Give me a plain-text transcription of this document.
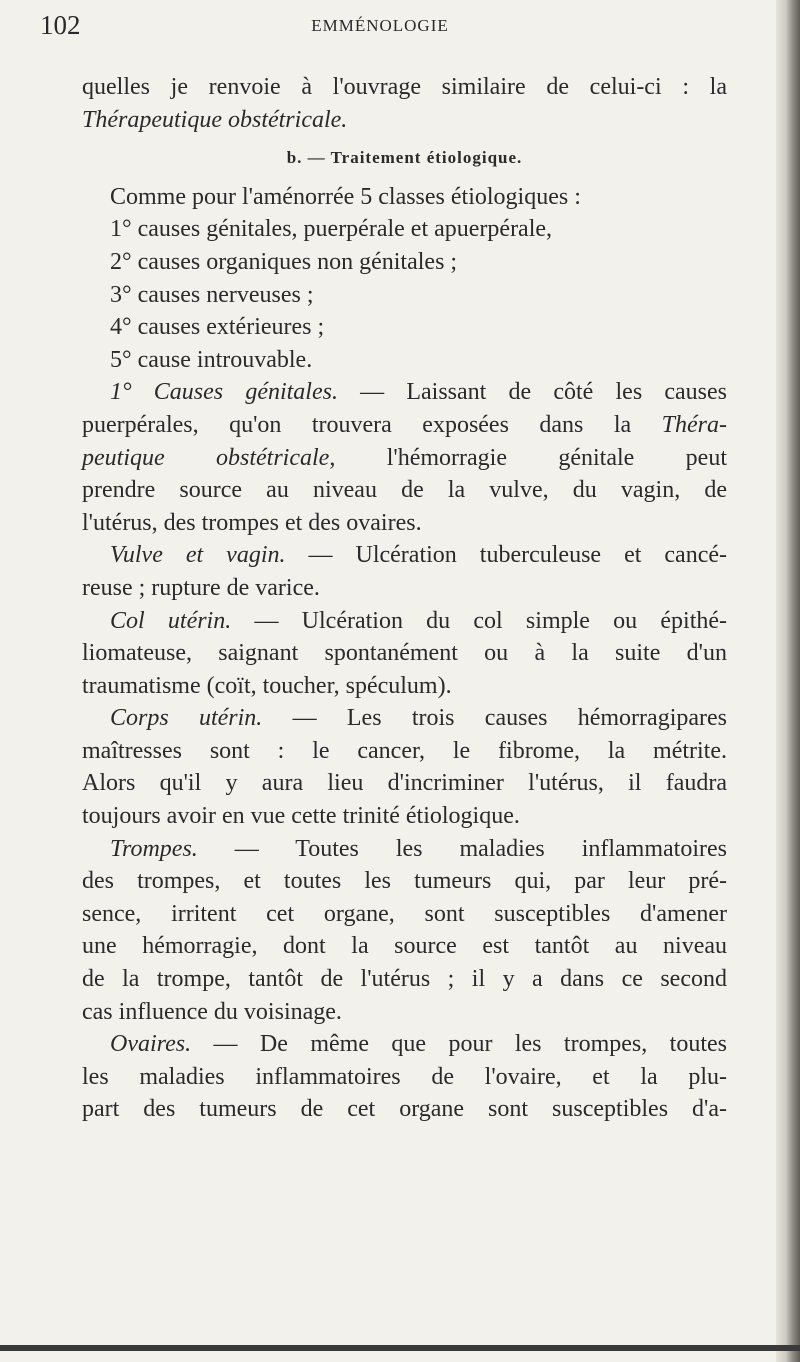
102	EMMÉNOLOGIE
quelles je renvoie à l'ouvrage similaire de celui-ci : la
Thérapeutique obstétricale.
b. — Traitement étiologique.
Comme pour l'aménorrée 5 classes étiologiques :
1° causes génitales, puerpérale et apuerpérale,
2° causes organiques non génitales ;
3° causes nerveuses ;
4° causes extérieures ;
5° cause introuvable.
1° Causes génitales. — Laissant de côté les causes
puerpérales, qu'on trouvera exposées dans la Théra-
peutique obstétricale, l'hémorragie génitale peut
prendre source au niveau de la vulve, du vagin, de
l'utérus, des trompes et des ovaires.
Vulve et vagin. — Ulcération tuberculeuse et cancé-
reuse ; rupture de varice.
Col utérin. — Ulcération du col simple ou épithé-
liomateuse, saignant spontanément ou à la suite d'un
traumatisme (coït, toucher, spéculum).
Corps utérin. — Les trois causes hémorragipares
maîtresses sont : le cancer, le fibrome, la métrite.
Alors qu'il y aura lieu d'incriminer l'utérus, il faudra
toujours avoir en vue cette trinité étiologique.
Trompes. — Toutes les maladies inflammatoires
des trompes, et toutes les tumeurs qui, par leur pré-
sence, irritent cet organe, sont susceptibles d'amener
une hémorragie, dont la source est tantôt au niveau
de la trompe, tantôt de l'utérus ; il y a dans ce second
cas influence du voisinage.
Ovaires. — De même que pour les trompes, toutes
les maladies inflammatoires de l'ovaire, et la plu-
part des tumeurs de cet organe sont susceptibles d'a-
